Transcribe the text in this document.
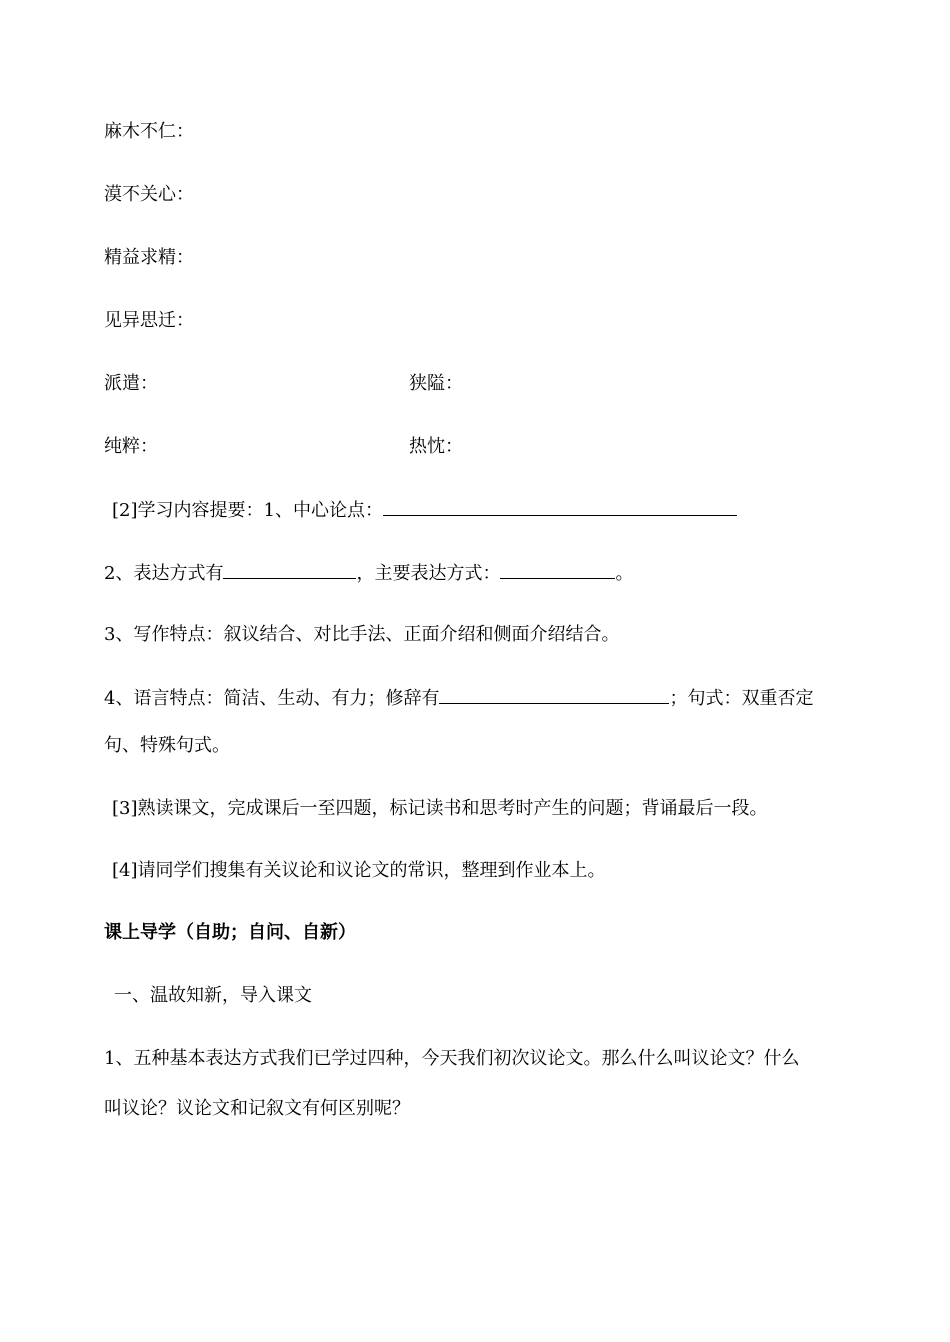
麻木不仁：
漠不关心：
精益求精：
见异思迁：
派遣：	狭隘：
纯粹：	热忱：
[2]学习内容提要：1、中心论点：
2、表达方式有	，主要表达方式：	。
3、写作特点：叙议结合、对比手法、正面介绍和侧面介绍结合。
4、语言特点：简洁、生动、有力；修辞有	；句式：双重否定
句、特殊句式。
[3]熟读课文，完成课后一至四题，标记读书和思考时产生的问题；背诵最后一段。
[4]请同学们搜集有关议论和议论文的常识，整理到作业本上。
课上导学（自助；自问、自新）
一、温故知新，导入课文
1、五种基本表达方式我们已学过四种，今天我们初次议论文。那么什么叫议论文？什么
叫议论？议论文和记叙文有何区别呢？
